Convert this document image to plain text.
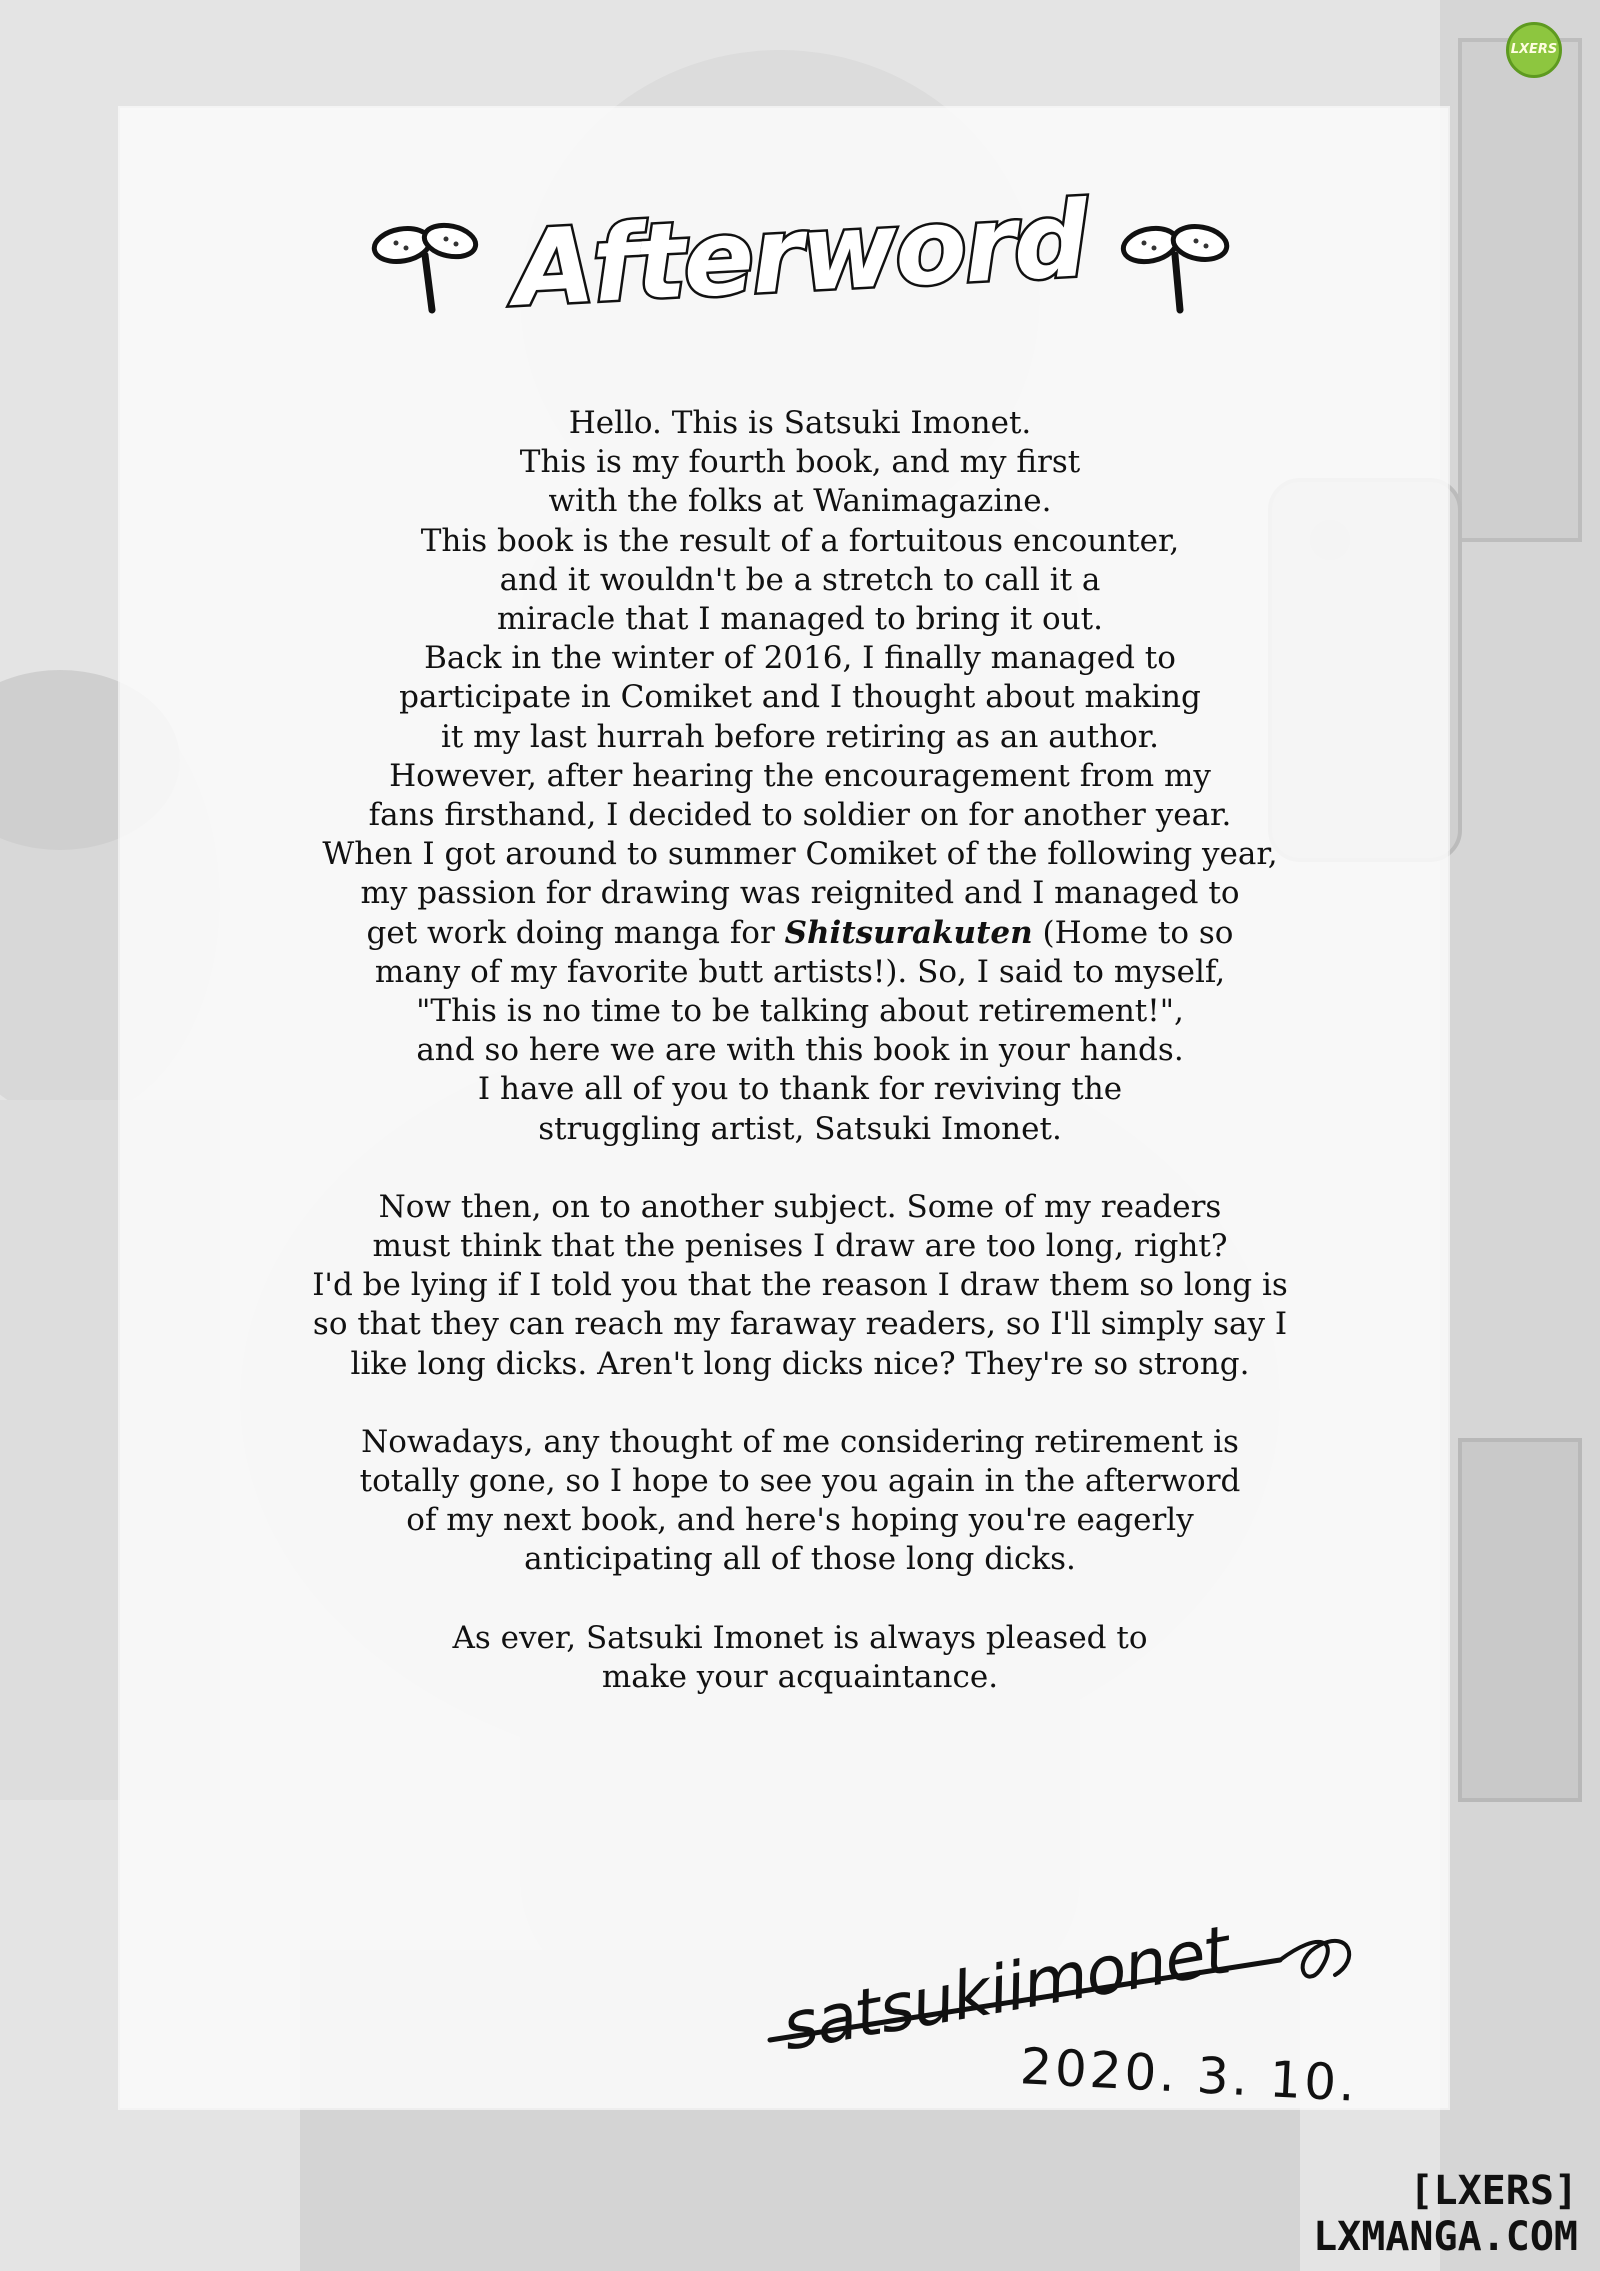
LXERS
Afterword
Hello. This is Satsuki Imonet.
This is my fourth book, and my first
with the folks at Wanimagazine.
This book is the result of a fortuitous encounter,
and it wouldn't be a stretch to call it a
miracle that I managed to bring it out.
Back in the winter of 2016, I finally managed to
participate in Comiket and I thought about making
it my last hurrah before retiring as an author.
However, after hearing the encouragement from my
fans firsthand, I decided to soldier on for another year.
When I got around to summer Comiket of the following year,
my passion for drawing was reignited and I managed to
get work doing manga for Shitsurakuten (Home to so
many of my favorite butt artists!). So, I said to myself,
"This is no time to be talking about retirement!",
and so here we are with this book in your hands.
I have all of you to thank for reviving the
struggling artist, Satsuki Imonet.
Now then, on to another subject. Some of my readers
must think that the penises I draw are too long, right?
I'd be lying if I told you that the reason I draw them so long is
so that they can reach my faraway readers, so I'll simply say I
like long dicks. Aren't long dicks nice? They're so strong.
Nowadays, any thought of me considering retirement is
totally gone, so I hope to see you again in the afterword
of my next book, and here's hoping you're eagerly
anticipating all of those long dicks.
As ever, Satsuki Imonet is always pleased to
make your acquaintance.
satsukiimonet
2020. 3. 10.
[LXERS]
LXMANGA.COM
